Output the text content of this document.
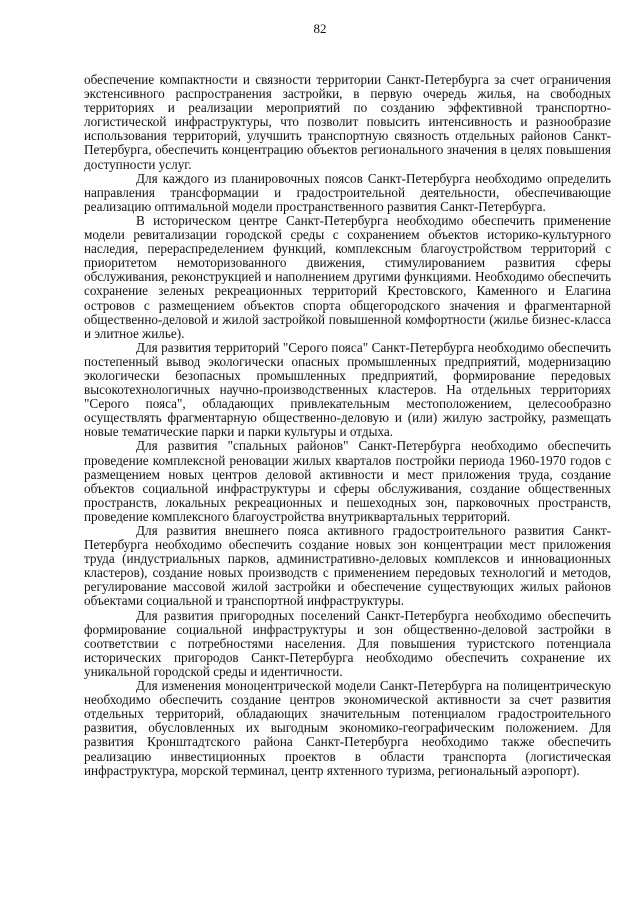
82

обеспечение компактности и связности территории Санкт-Петербурга за счет ограничения экстенсивного распространения застройки, в первую очередь жилья, на свободных территориях и реализации мероприятий по созданию эффективной транспортно-логистической инфраструктуры, что позволит повысить интенсивность и разнообразие использования территорий, улучшить транспортную связность отдельных районов Санкт-Петербурга, обеспечить концентрацию объектов регионального значения в целях повышения доступности услуг.

Для каждого из планировочных поясов Санкт-Петербурга необходимо определить направления трансформации и градостроительной деятельности, обеспечивающие реализацию оптимальной модели пространственного развития Санкт-Петербурга.

В историческом центре Санкт-Петербурга необходимо обеспечить применение модели ревитализации городской среды с сохранением объектов историко-культурного наследия, перераспределением функций, комплексным благоустройством территорий с приоритетом немоторизованного движения, стимулированием развития сферы обслуживания, реконструкцией и наполнением другими функциями. Необходимо обеспечить сохранение зеленых рекреационных территорий Крестовского, Каменного и Елагина островов с размещением объектов спорта общегородского значения и фрагментарной общественно-деловой и жилой застройкой повышенной комфортности (жилье бизнес-класса и элитное жилье).

Для развития территорий "Серого пояса" Санкт-Петербурга необходимо обеспечить постепенный вывод экологически опасных промышленных предприятий, модернизацию экологически безопасных промышленных предприятий, формирование передовых высокотехнологичных научно-производственных кластеров. На отдельных территориях "Серого пояса", обладающих привлекательным местоположением, целесообразно осуществлять фрагментарную общественно-деловую и (или) жилую застройку, размещать новые тематические парки и парки культуры и отдыха.

Для развития "спальных районов" Санкт-Петербурга необходимо обеспечить проведение комплексной реновации жилых кварталов постройки периода 1960-1970 годов с размещением новых центров деловой активности и мест приложения труда, создание объектов социальной инфраструктуры и сферы обслуживания, создание общественных пространств, локальных рекреационных и пешеходных зон, парковочных пространств, проведение комплексного благоустройства внутриквартальных территорий.

Для развития внешнего пояса активного градостроительного развития Санкт-Петербурга необходимо обеспечить создание новых зон концентрации мест приложения труда (индустриальных парков, административно-деловых комплексов и инновационных кластеров), создание новых производств с применением передовых технологий и методов, регулирование массовой жилой застройки и обеспечение существующих жилых районов объектами социальной и транспортной инфраструктуры.

Для развития пригородных поселений Санкт-Петербурга необходимо обеспечить формирование социальной инфраструктуры и зон общественно-деловой застройки в соответствии с потребностями населения. Для повышения туристского потенциала исторических пригородов Санкт-Петербурга необходимо обеспечить сохранение их уникальной городской среды и идентичности.

Для изменения моноцентрической модели Санкт-Петербурга на полицентрическую необходимо обеспечить создание центров экономической активности за счет развития отдельных территорий, обладающих значительным потенциалом градостроительного развития, обусловленных их выгодным экономико-географическим положением. Для развития Кронштадтского района Санкт-Петербурга необходимо также обеспечить реализацию инвестиционных проектов в области транспорта (логистическая инфраструктура, морской терминал, центр яхтенного туризма, региональный аэропорт).
